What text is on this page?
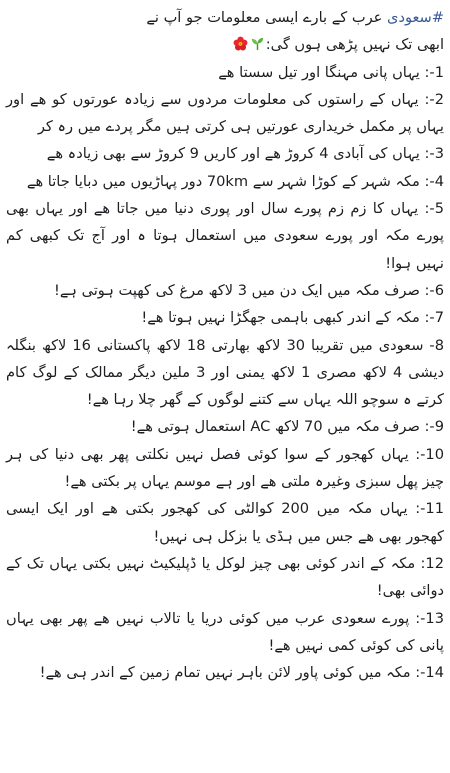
#سعودی عرب کے بارے ایسی معلومات جو آپ نے
ابھی تک نہیں پڑھی ہوں گی:
1-: یہاں پانی مہنگا اور تیل سستا ھے
2-: یہاں کے راستوں کی معلومات مردوں سے زیادہ عورتوں کو ھے اور یہاں پر مکمل خریداری عورتیں ہی کرتی ہیں مگر پردے میں رہ کر
3-: یہاں کی آبادی 4 کروڑ ھے اور کاریں 9 کروڑ سے بھی زیادہ ھے
4-: مکہ شہر کے کوڑا شہر سے 70km دور پہاڑیوں میں دبایا جاتا ھے
5-: یہاں کا زم زم پورے سال اور پوری دنیا میں جاتا ھے اور یہاں بھی پورے مکہ اور پورے سعودی میں استعمال ہوتا ہ اور آج تک کبھی کم نہیں ہوا!
6-: صرف مکہ میں ایک دن میں 3 لاکھ مرغ کی کھپت ہوتی ہے!
7-: مکہ کے اندر کبھی باہمی جھگڑا نہیں ہوتا ھے!
8- سعودی میں تقریبا 30 لاکھ بھارتی 18 لاکھ پاکستانی 16 لاکھ بنگلہ دیشی 4 لاکھ مصری 1 لاکھ یمنی اور 3 ملین دیگر ممالک کے لوگ کام کرتے ہ سوچو اللہ یہاں سے کتنے لوگوں کے گھر چلا رہا ھے!
9-: صرف مکہ میں 70 لاکھ AC استعمال ہوتی ھے!
10-: یہاں کھجور کے سوا کوئی فصل نہیں نکلتی پھر بھی دنیا کی ہر چیز پھل سبزی وغیرہ ملتی ھے اور ہے موسم یہاں پر بکتی ھے!
11-: یہاں مکہ میں 200 کوالٹی کی کھجور بکتی ھے اور ایک ایسی کھجور بھی ھے جس میں ہڈی یا بزکل ہی نہیں!
12: مکہ کے اندر کوئی بھی چیز لوکل یا ڈپلیکیٹ نہیں بکتی یہاں تک کے دوائی بھی!
13-: پورے سعودی عرب میں کوئی دریا یا تالاب نہیں ھے پھر بھی یہاں پانی کی کوئی کمی نہیں ھے!
14-: مکہ میں کوئی پاور لائن باہر نہیں تمام زمین کے اندر ہی ھے!
